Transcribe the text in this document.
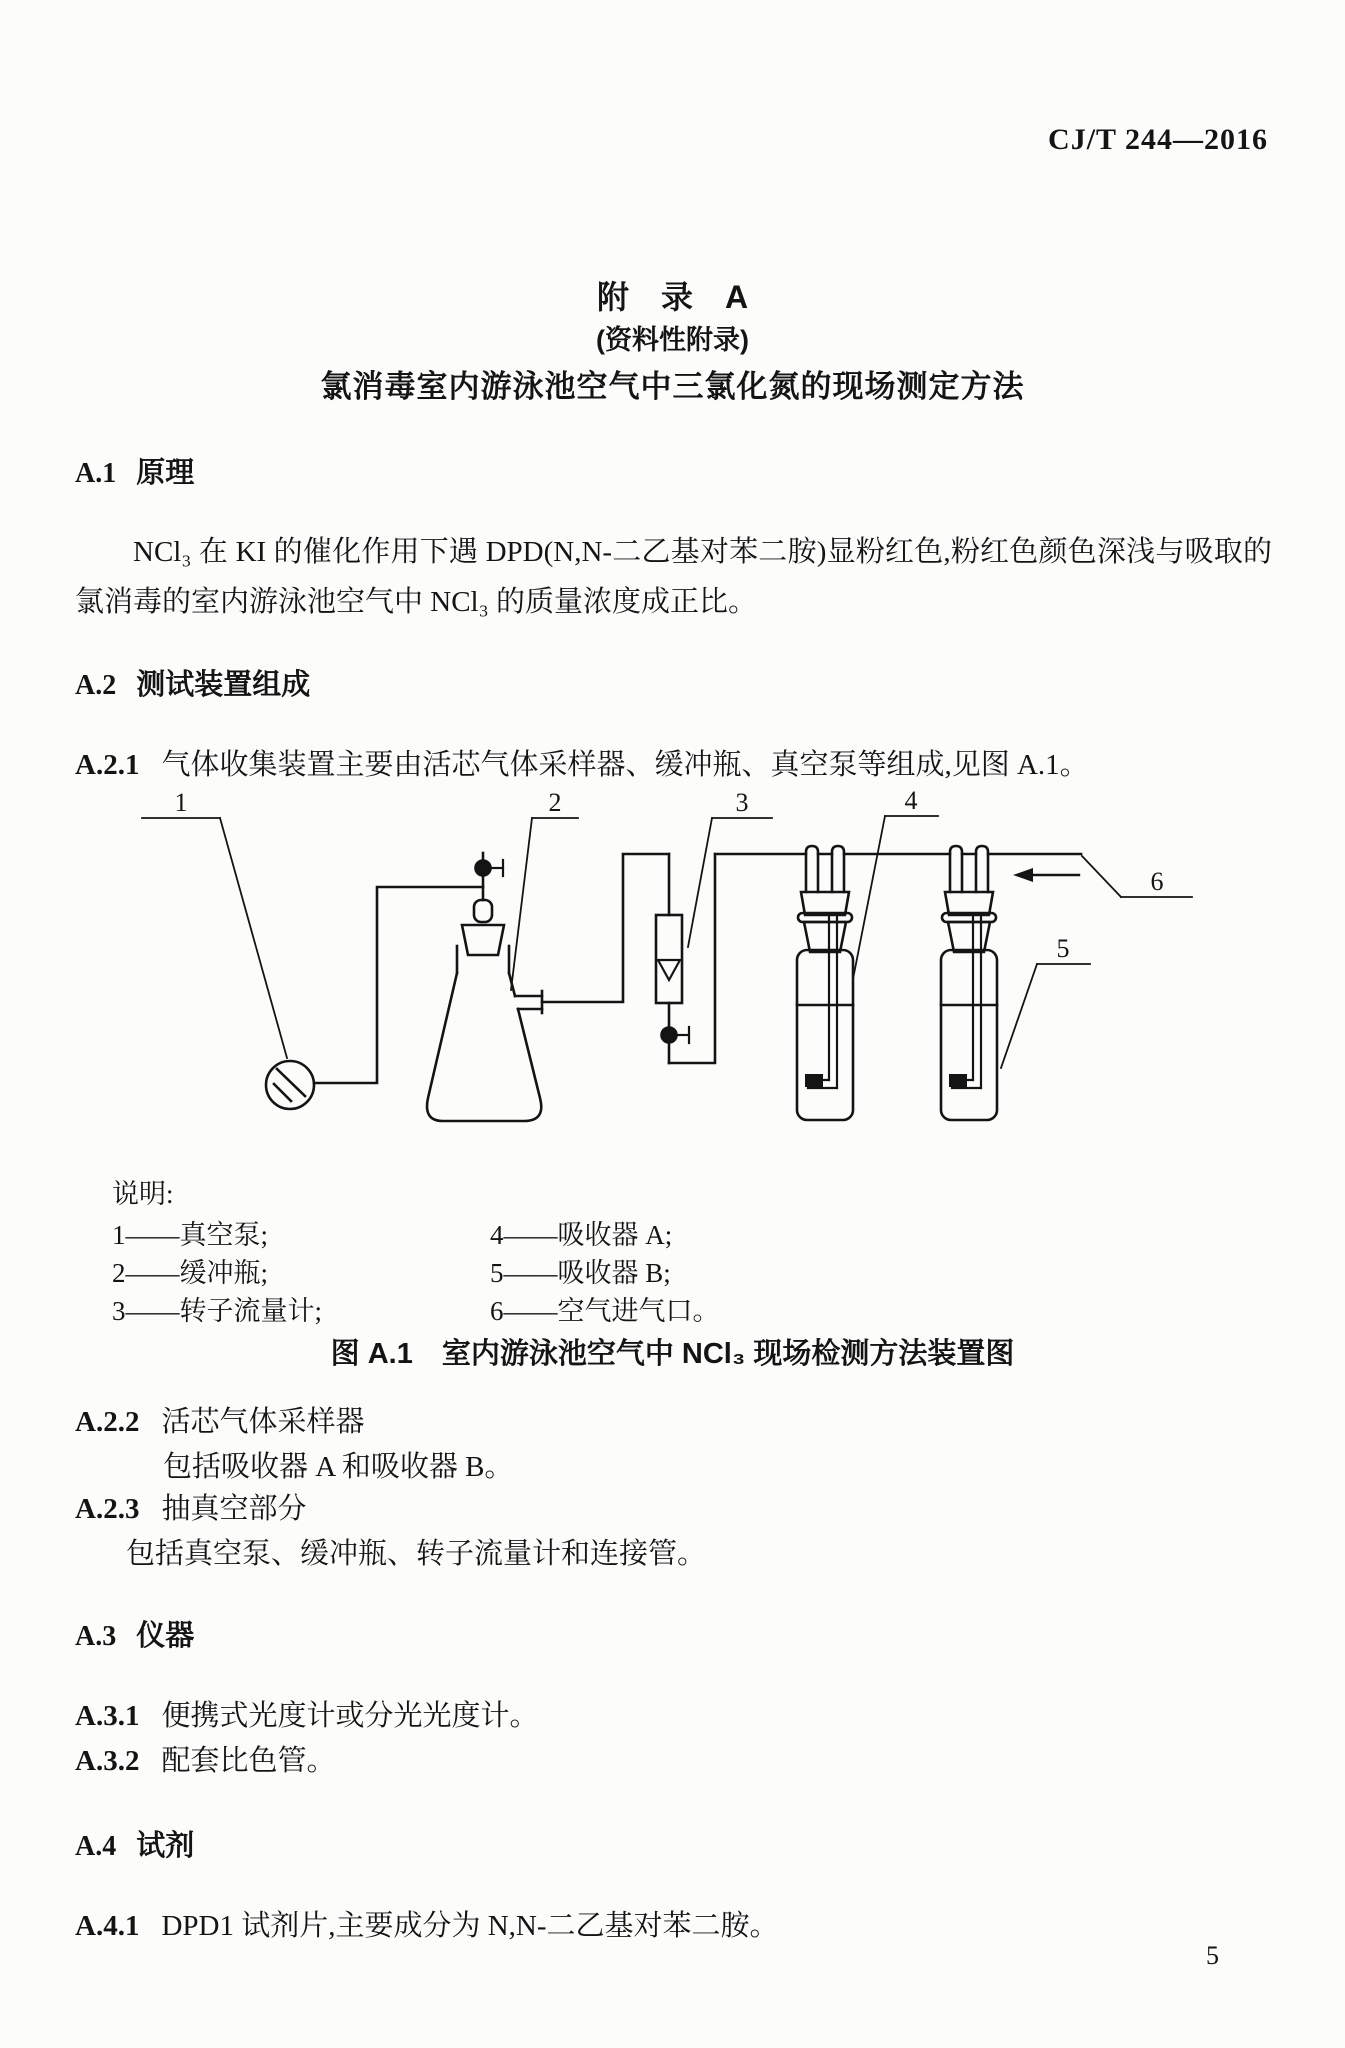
CJ/T 244—2016
附　录　A
(资料性附录)
氯消毒室内游泳池空气中三氯化氮的现场测定方法
A.1 原理
NCl₃ 在 KI 的催化作用下遇 DPD(N,N-二乙基对苯二胺)显粉红色,粉红色颜色深浅与吸取的氯消毒的室内游泳池空气中 NCl₃ 的质量浓度成正比。
A.2 测试装置组成
A.2.1 气体收集装置主要由活芯气体采样器、缓冲瓶、真空泵等组成,见图 A.1。
1	2	3	4
5
6
说明:
1——真空泵;
2——缓冲瓶;
3——转子流量计;
4——吸收器 A;
5——吸收器 B;
6——空气进气口。
图 A.1　室内游泳池空气中 NCl₃ 现场检测方法装置图
A.2.2 活芯气体采样器
包括吸收器 A 和吸收器 B。
A.2.3 抽真空部分
包括真空泵、缓冲瓶、转子流量计和连接管。
A.3 仪器
A.3.1 便携式光度计或分光光度计。
A.3.2 配套比色管。
A.4 试剂
A.4.1 DPD1 试剂片,主要成分为 N,N-二乙基对苯二胺。
5
